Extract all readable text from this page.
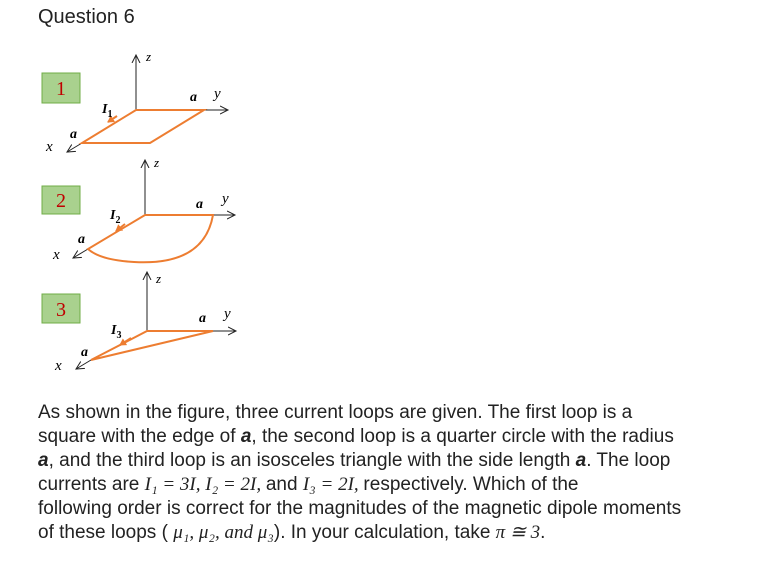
Question 6
1
z
y
a
x
a
$I_1$
2
z
y
a
x
a
$I_2$
3
z
y
a
x
a
$I_3$
As shown in the figure, three current loops are given. The first loop is a
square with the edge of a, the second loop is a quarter circle with the radius
a, and the third loop is an isosceles triangle with the side length a. The loop
currents are I₁ = 3I, I₂ = 2I, and I₃ = 2I, respectively. Which of the
following order is correct for the magnitudes of the magnetic dipole moments
of these loops ( μ₁, μ₂, and μ₃). In your calculation, take π ≅ 3.
